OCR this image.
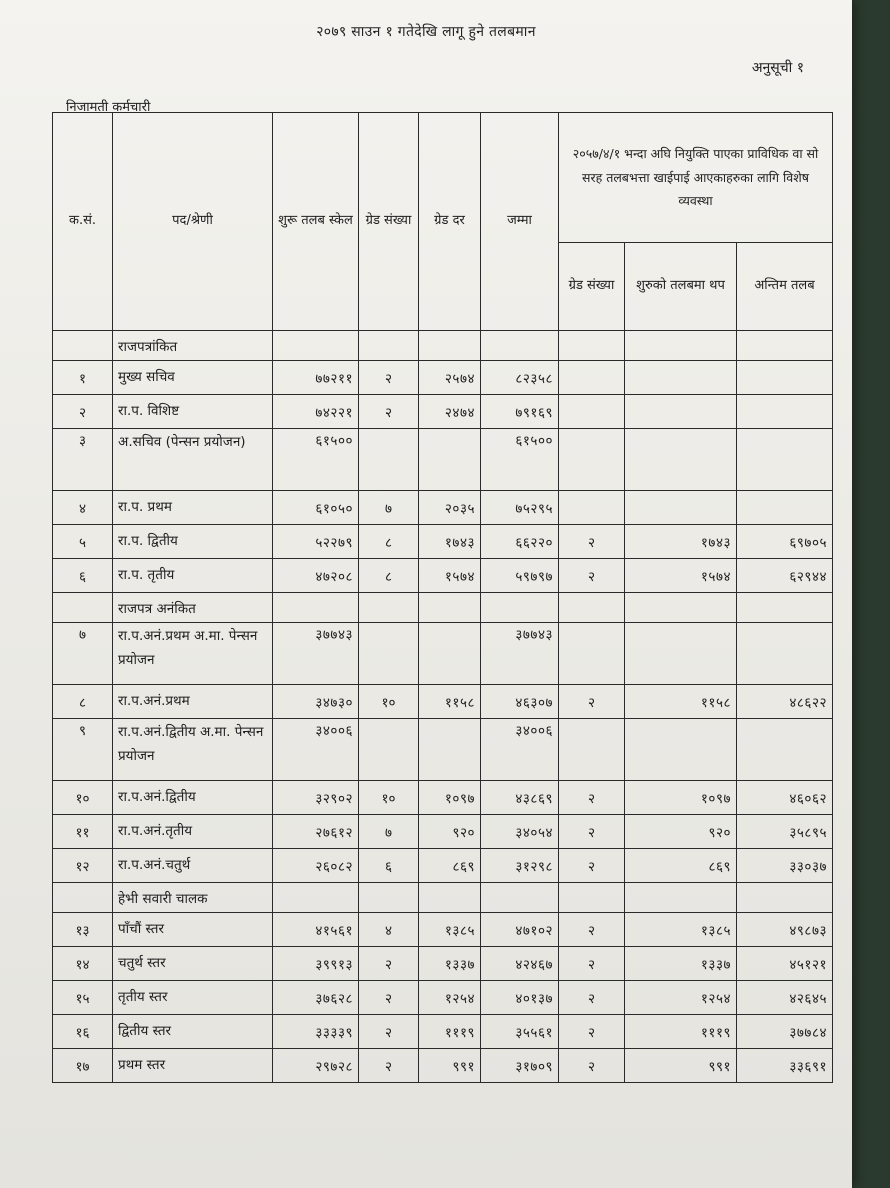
२०७९ साउन १ गतेदेखि लागू हुने तलबमान
अनुसूची १
निजामती कर्मचारी
क.सं.	पद/श्रेणी	शुरू तलब स्केल	ग्रेड संख्या	ग्रेड दर	जम्मा	२०५७/४/१ भन्दा अघि नियुक्ति पाएका प्राविधिक वा सो सरह तलबभत्ता खाईपाई आएकाहरुका लागि विशेष व्यवस्था		
						ग्रेड संख्या	शुरुको तलबमा थप	अन्तिम तलब
	राजपत्रांकित							
१	मुख्य सचिव	७७२११	२	२५७४	८२३५८			
२	रा.प. विशिष्ट	७४२२१	२	२४७४	७९१६९			
३	अ.सचिव (पेन्सन प्रयोजन)	६१५००			६१५००			
४	रा.प. प्रथम	६१०५०	७	२०३५	७५२९५			
५	रा.प. द्वितीय	५२२७९	८	१७४३	६६२२०	२	१७४३	६९७०५
६	रा.प. तृतीय	४७२०८	८	१५७४	५९७९७	२	१५७४	६२९४४
	राजपत्र अनंकित							
७	रा.प.अनं.प्रथम अ.मा. पेन्सन प्रयोजन	३७७४३			३७७४३			
८	रा.प.अनं.प्रथम	३४७३०	१०	११५८	४६३०७	२	११५८	४८६२२
९	रा.प.अनं.द्वितीय अ.मा. पेन्सन प्रयोजन	३४००६			३४००६			
१०	रा.प.अनं.द्वितीय	३२९०२	१०	१०९७	४३८६९	२	१०९७	४६०६२
११	रा.प.अनं.तृतीय	२७६१२	७	९२०	३४०५४	२	९२०	३५८९५
१२	रा.प.अनं.चतुर्थ	२६०८२	६	८६९	३१२९८	२	८६९	३३०३७
	हेभी सवारी चालक							
१३	पाँचौं स्तर	४१५६१	४	१३८५	४७१०२	२	१३८५	४९८७३
१४	चतुर्थ स्तर	३९९१३	२	१३३७	४२४६७	२	१३३७	४५१२१
१५	तृतीय स्तर	३७६२८	२	१२५४	४०१३७	२	१२५४	४२६४५
१६	द्वितीय स्तर	३३३३९	२	१११९	३५५६१	२	१११९	३७७८४
१७	प्रथम स्तर	२९७२८	२	९९१	३१७०९	२	९९१	३३६९१
